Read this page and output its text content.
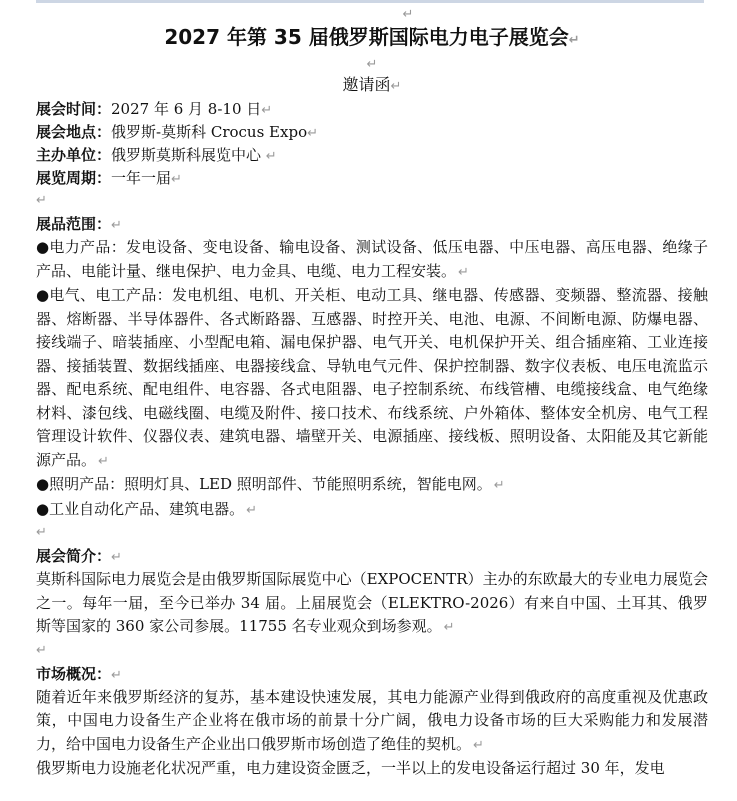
↵
2027 年第 35 届俄罗斯国际电力电子展览会↵
↵
邀请函↵
展会时间：2027 年 6 月 8-10 日↵
展会地点：俄罗斯-莫斯科 Crocus Expo↵
主办单位：俄罗斯莫斯科展览中心 ↵
展览周期：一年一届↵
↵
展品范围：↵
●电力产品：发电设备、变电设备、输电设备、测试设备、低压电器、中压电器、高压电器、绝缘子产品、电能计量、继电保护、电力金具、电缆、电力工程安装。 ↵
●电气、电工产品：发电机组、电机、开关柜、电动工具、继电器、传感器、变频器、整流器、接触器、熔断器、半导体器件、各式断路器、互感器、时控开关、电池、电源、不间断电源、防爆电器、接线端子、暗装插座、小型配电箱、漏电保护器、电气开关、电机保护开关、组合插座箱、工业连接器、接插装置、数据线插座、电器接线盒、导轨电气元件、保护控制器、数字仪表板、电压电流监示器、配电系统、配电组件、电容器、各式电阻器、电子控制系统、布线管槽、电缆接线盒、电气绝缘材料、漆包线、电磁线圈、电缆及附件、接口技术、布线系统、户外箱体、整体安全机房、电气工程管理设计软件、仪器仪表、建筑电器、墙壁开关、电源插座、接线板、照明设备、太阳能及其它新能源产品。 ↵
●照明产品：照明灯具、LED 照明部件、节能照明系统，智能电网。 ↵
●工业自动化产品、建筑电器。 ↵
↵
展会简介：↵
莫斯科国际电力展览会是由俄罗斯国际展览中心（EXPOCENTR）主办的东欧最大的专业电力展览会之一。每年一届，至今已举办 34 届。上届展览会（ELEKTRO-2026）有来自中国、土耳其、俄罗斯等国家的 360 家公司参展。11755 名专业观众到场参观。 ↵
↵
市场概况：↵
随着近年来俄罗斯经济的复苏，基本建设快速发展，其电力能源产业得到俄政府的高度重视及优惠政策，中国电力设备生产企业将在俄市场的前景十分广阔，俄电力设备市场的巨大采购能力和发展潜力，给中国电力设备生产企业出口俄罗斯市场创造了绝佳的契机。 ↵
俄罗斯电力设施老化状况严重，电力建设资金匮乏，一半以上的发电设备运行超过 30 年，发电
